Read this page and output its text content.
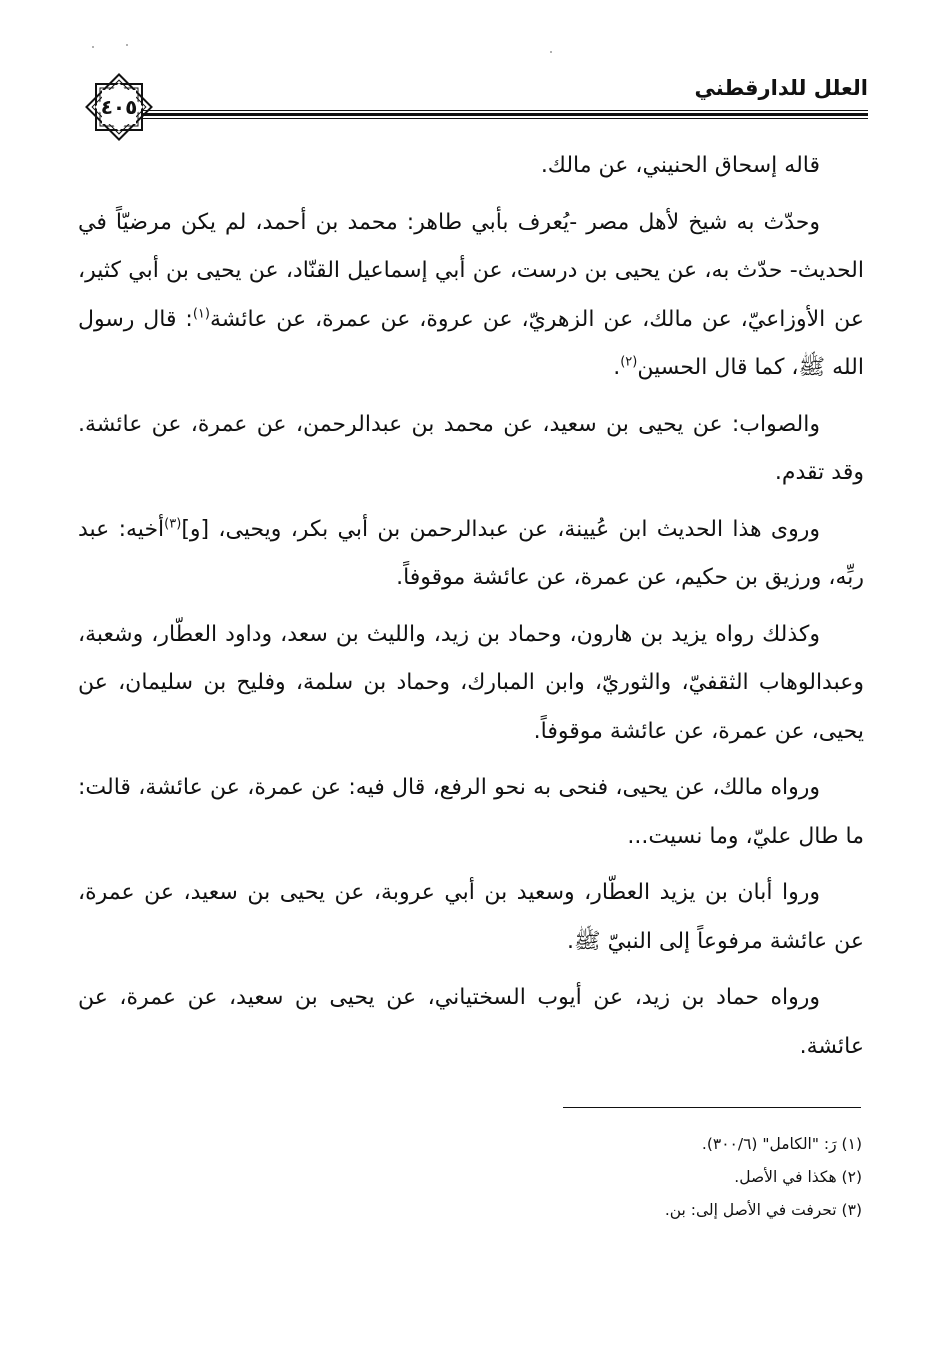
العلل للدارقطني
٤٠٥

قاله إسحاق الحنيني، عن مالك.

وحدّث به شيخ لأهل مصر -يُعرف بأبي طاهر: محمد بن أحمد، لم يكن مرضيّاً في الحديث- حدّث به، عن يحيى بن درست، عن أبي إسماعيل القنّاد، عن يحيى بن أبي كثير، عن الأوزاعيّ، عن مالك، عن الزهريّ، عن عروة، عن عمرة، عن عائشة$^{(١)}$: قال رسول الله ﷺ، كما قال الحسين$^{(٢)}$.

والصواب: عن يحيى بن سعيد، عن محمد بن عبدالرحمن، عن عمرة، عن عائشة. وقد تقدم.

وروى هذا الحديث ابن عُيينة، عن عبدالرحمن بن أبي بكر، ويحيى، [و]$^{(٣)}$أخيه: عبد ربِّه، ورزيق بن حكيم، عن عمرة، عن عائشة موقوفاً.

وكذلك رواه يزيد بن هارون، وحماد بن زيد، والليث بن سعد، وداود العطّار، وشعبة، وعبدالوهاب الثقفيّ، والثوريّ، وابن المبارك، وحماد بن سلمة، وفليح بن سليمان، عن يحيى، عن عمرة، عن عائشة موقوفاً.

ورواه مالك، عن يحيى، فنحى به نحو الرفع، قال فيه: عن عمرة، عن عائشة، قالت: ما طال عليّ، وما نسيت...

وروا أبان بن يزيد العطّار، وسعيد بن أبي عروبة، عن يحيى بن سعيد، عن عمرة، عن عائشة مرفوعاً إلى النبيّ ﷺ.

ورواه حماد بن زيد، عن أيوب السختياني، عن يحيى بن سعيد، عن عمرة، عن عائشة.

(١) رَ: "الكامل" (٣٠٠/٦).

(٢) هكذا في الأصل.

(٣) تحرفت في الأصل إلى: بن.
